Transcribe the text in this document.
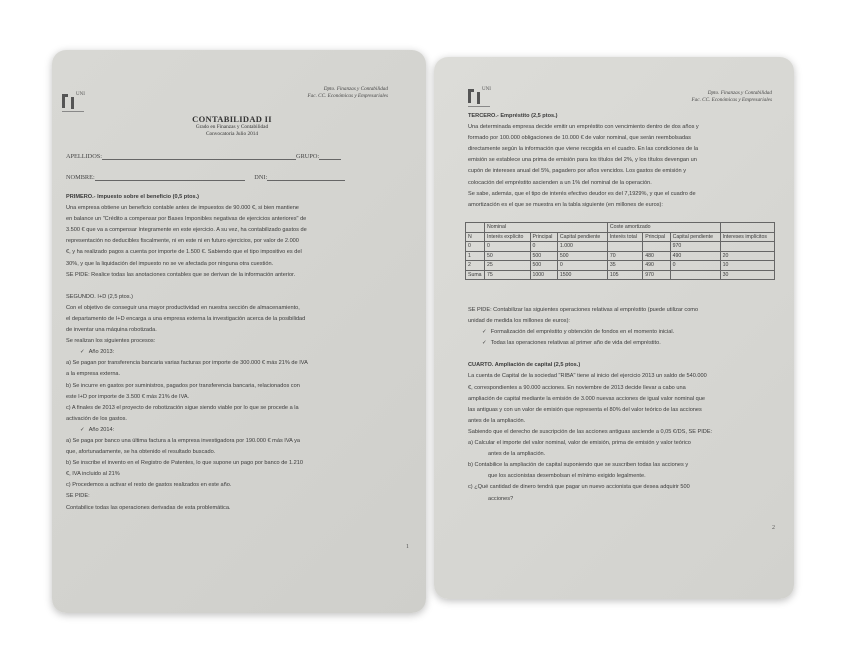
UNI
Dpto. Finanzas y Contabilidad
Fac. CC. Económicas y Empresariales
CONTABILIDAD II
Grado en Finanzas y Contabilidad
Convocatoria Julio 2014
APELLIDOS:	GRUPO:
NOMBRE:	DNI:

PRIMERO.- Impuesto sobre el beneficio (0,5 ptos.)

Una empresa obtiene un beneficio contable antes de impuestos de 90.000 €, si bien mantiene

en balance un "Crédito a compensar por Bases Imponibles negativas de ejercicios anteriores" de

3.500 € que va a compensar íntegramente en este ejercicio. A su vez, ha contabilizado gastos de

representación no deducibles fiscalmente, ni en este ni en futuro ejercicios, por valor de 2.000

€, y ha realizado pagos a cuenta por importe de 1.500 €. Sabiendo que el tipo impositivo es del

30%, y que la liquidación del impuesto no se ve afectada por ninguna otra cuestión.

SE PIDE: Realice todas las anotaciones contables que se derivan de la información anterior.

SEGUNDO. I+D (2,5 ptos.)

Con el objetivo de conseguir una mayor productividad en nuestra sección de almacenamiento,

el departamento de I+D encarga a una empresa externa la investigación acerca de la posibilidad

de inventar una máquina robotizada.

Se realizan los siguientes procesos:

✓ Año 2013:

a) Se pagan por transferencia bancaria varias facturas por importe de 300.000 € más 21% de IVA

a la empresa externa.

b) Se incurre en gastos por suministros, pagados por transferencia bancaria, relacionados con

este I+D por importe de 3.500 € más 21% de IVA.

c) A finales de 2013 el proyecto de robotización sigue siendo viable por lo que se procede a la

activación de los gastos.

✓ Año 2014:

a) Se paga por banco una última factura a la empresa investigadora por 190.000 € más IVA ya

que, afortunadamente, se ha obtenido el resultado buscado.

b) Se inscribe el invento en el Registro de Patentes, lo que supone un pago por banco de 1.210

€, IVA incluido al 21%

c) Procedemos a activar el resto de gastos realizados en este año.

SE PIDE:

Contabilice todas las operaciones derivadas de esta problemática.

1
UNI
Dpto. Finanzas y Contabilidad
Fac. CC. Económicas y Empresariales

TERCERO.- Empréstito (2,5 ptos.)

Una determinada empresa decide emitir un empréstito con vencimiento dentro de dos años y

formado por 100.000 obligaciones de 10.000 € de valor nominal, que serán reembolsadas

directamente según la información que viene recogida en el cuadro. En las condiciones de la

emisión se establece una prima de emisión para los títulos del 2%, y los títulos devengan un

cupón de intereses anual del 5%, pagadero por años vencidos. Los gastos de emisión y

colocación del empréstito ascienden a un 1% del nominal de la operación.

Se sabe, además, que el tipo de interés efectivo deudor es del 7,1929%, y que el cuadro de

amortización es el que se muestra en la tabla siguiente (en millones de euros):

	Nominal			Coste amortizado			
N	Interés explícito	Principal	Capital pendiente	Interés total	Principal	Capital pendiente	Intereses implícitos
0	0	0	1.000			970	
1	50	500	500	70	480	490	20
2	25	500	0	35	490	0	10
Suma	75	1000	1500	105	970		30

SE PIDE: Contabilizar las siguientes operaciones relativas al empréstito (puede utilizar como

unidad de medida los millones de euros):

✓ Formalización del empréstito y obtención de fondos en el momento inicial.

✓ Todas las operaciones relativas al primer año de vida del empréstito.

CUARTO. Ampliación de capital (2,5 ptos.)

La cuenta de Capital de la sociedad "RIBA" tiene al inicio del ejercicio 2013 un saldo de 540.000

€, correspondientes a 90.000 acciones. En noviembre de 2013 decide llevar a cabo una

ampliación de capital mediante la emisión de 3.000 nuevas acciones de igual valor nominal que

las antiguas y con un valor de emisión que representa el 80% del valor teórico de las acciones

antes de la ampliación.

Sabiendo que el derecho de suscripción de las acciones antiguas asciende a 0,05 €/DS, SE PIDE:

a) Calcular el importe del valor nominal, valor de emisión, prima de emisión y valor teórico

antes de la ampliación.

b) Contabilice la ampliación de capital suponiendo que se suscriben todas las acciones y

que los accionistas desembolsan el mínimo exigido legalmente.

c) ¿Qué cantidad de dinero tendrá que pagar un nuevo accionista que desea adquirir 500

acciones?

2
